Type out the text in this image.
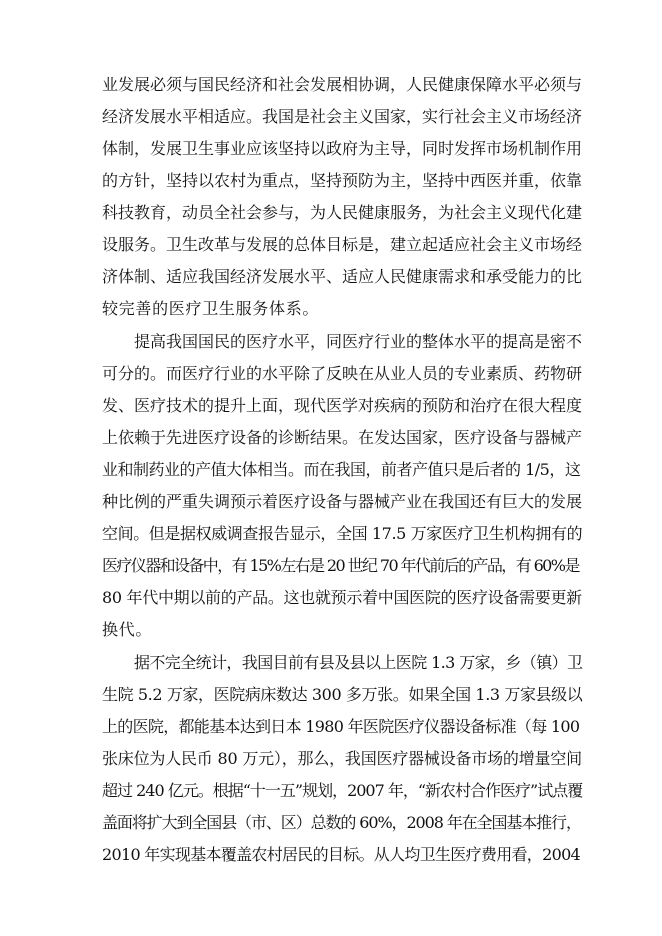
业发展必须与国民经济和社会发展相协调，人民健康保障水平必须与
经济发展水平相适应。我国是社会主义国家，实行社会主义市场经济
体制，发展卫生事业应该坚持以政府为主导，同时发挥市场机制作用
的方针，坚持以农村为重点，坚持预防为主，坚持中西医并重，依靠
科技教育，动员全社会参与，为人民健康服务，为社会主义现代化建
设服务。卫生改革与发展的总体目标是，建立起适应社会主义市场经
济体制、适应我国经济发展水平、适应人民健康需求和承受能力的比
较完善的医疗卫生服务体系。
提高我国国民的医疗水平，同医疗行业的整体水平的提高是密不
可分的。而医疗行业的水平除了反映在从业人员的专业素质、药物研
发、医疗技术的提升上面，现代医学对疾病的预防和治疗在很大程度
上依赖于先进医疗设备的诊断结果。在发达国家，医疗设备与器械产
业和制药业的产值大体相当。而在我国，前者产值只是后者的 1/5，这
种比例的严重失调预示着医疗设备与器械产业在我国还有巨大的发展
空间。但是据权威调查报告显示，全国 17.5 万家医疗卫生机构拥有的
医疗仪器和设备中，有 15%左右是 20 世纪 70 年代前后的产品，有 60%是
80 年代中期以前的产品。这也就预示着中国医院的医疗设备需要更新
换代。
据不完全统计，我国目前有县及县以上医院 1.3 万家，乡（镇）卫
生院 5.2 万家，医院病床数达 300 多万张。如果全国 1.3 万家县级以
上的医院，都能基本达到日本 1980 年医院医疗仪器设备标准（每 100
张床位为人民币 80 万元），那么，我国医疗器械设备市场的增量空间
超过 240 亿元。根据“十一五”规划，2007 年，“新农村合作医疗”试点覆
盖面将扩大到全国县（市、区）总数的 60%，2008 年在全国基本推行，
2010 年实现基本覆盖农村居民的目标。从人均卫生医疗费用看，2004
